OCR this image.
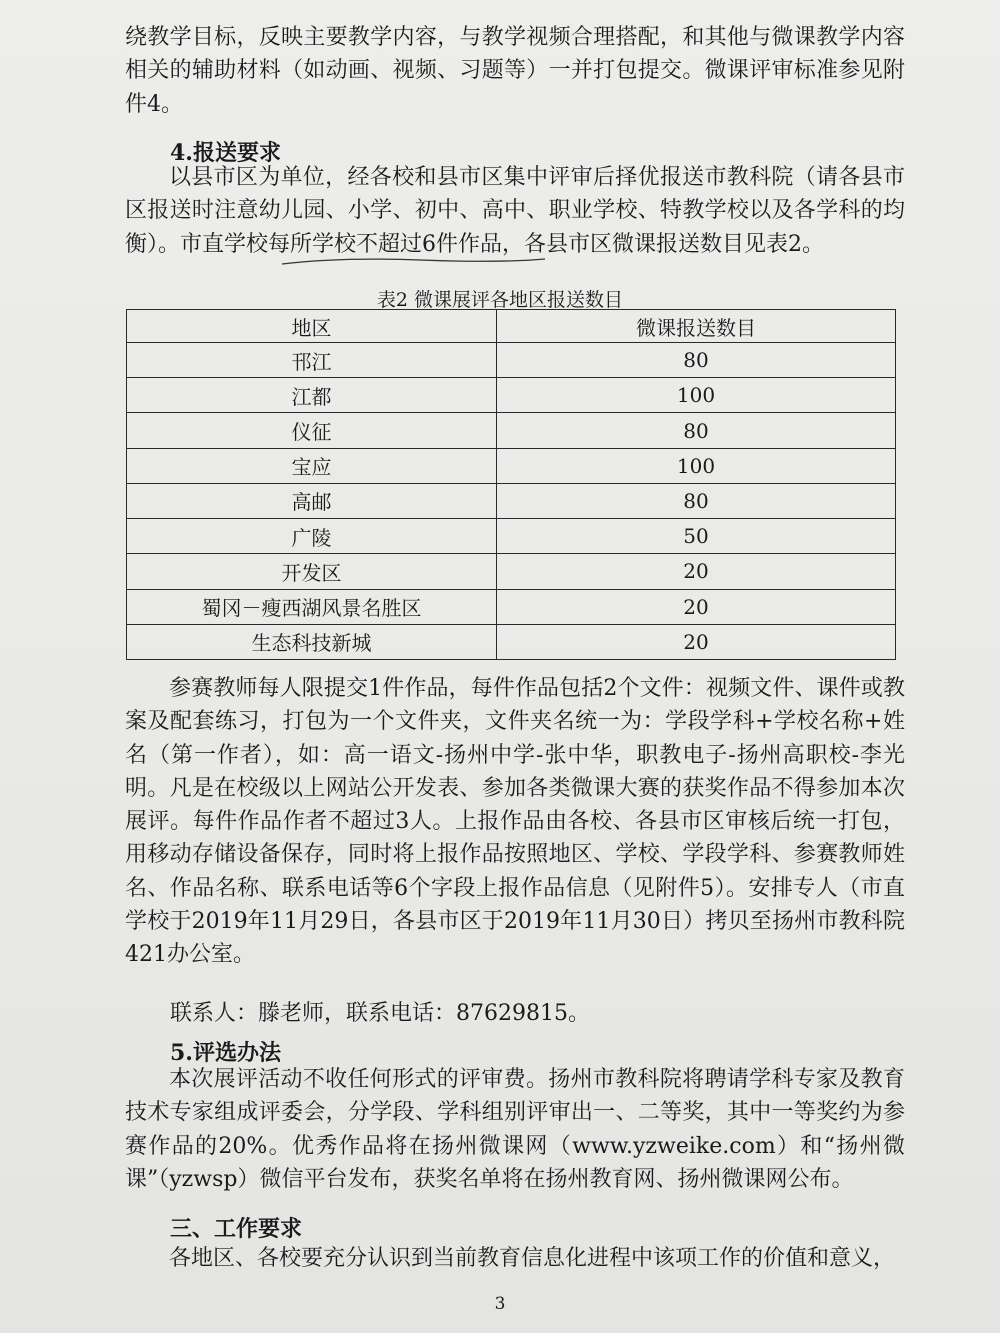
绕教学目标，反映主要教学内容，与教学视频合理搭配，和其他与微课教学内容相关的辅助材料（如动画、视频、习题等）一并打包提交。微课评审标准参见附件4。

4.报送要求

以县市区为单位，经各校和县市区集中评审后择优报送市教科院（请各县市区报送时注意幼儿园、小学、初中、高中、职业学校、特教学校以及各学科的均衡）。市直学校每所学校不超过6件作品，各县市区微课报送数目见表2。

表2 微课展评各地区报送数目

地区	微课报送数目
邗江	80
江都	100
仪征	80
宝应	100
高邮	80
广陵	50
开发区	20
蜀冈－瘦西湖风景名胜区	20
生态科技新城	20

参赛教师每人限提交1件作品，每件作品包括2个文件：视频文件、课件或教案及配套练习，打包为一个文件夹，文件夹名统一为：学段学科+学校名称+姓名（第一作者），如：高一语文-扬州中学-张中华，职教电子-扬州高职校-李光明。凡是在校级以上网站公开发表、参加各类微课大赛的获奖作品不得参加本次展评。每件作品作者不超过3人。上报作品由各校、各县市区审核后统一打包，用移动存储设备保存，同时将上报作品按照地区、学校、学段学科、参赛教师姓名、作品名称、联系电话等6个字段上报作品信息（见附件5）。安排专人（市直学校于2019年11月29日，各县市区于2019年11月30日）拷贝至扬州市教科院421办公室。

联系人：滕老师，联系电话：87629815。

5.评选办法

本次展评活动不收任何形式的评审费。扬州市教科院将聘请学科专家及教育技术专家组成评委会，分学段、学科组别评审出一、二等奖，其中一等奖约为参赛作品的20%。优秀作品将在扬州微课网（www.yzweike.com）和“扬州微课”（yzwsp）微信平台发布，获奖名单将在扬州教育网、扬州微课网公布。

三、工作要求

各地区、各校要充分认识到当前教育信息化进程中该项工作的价值和意义，

3
